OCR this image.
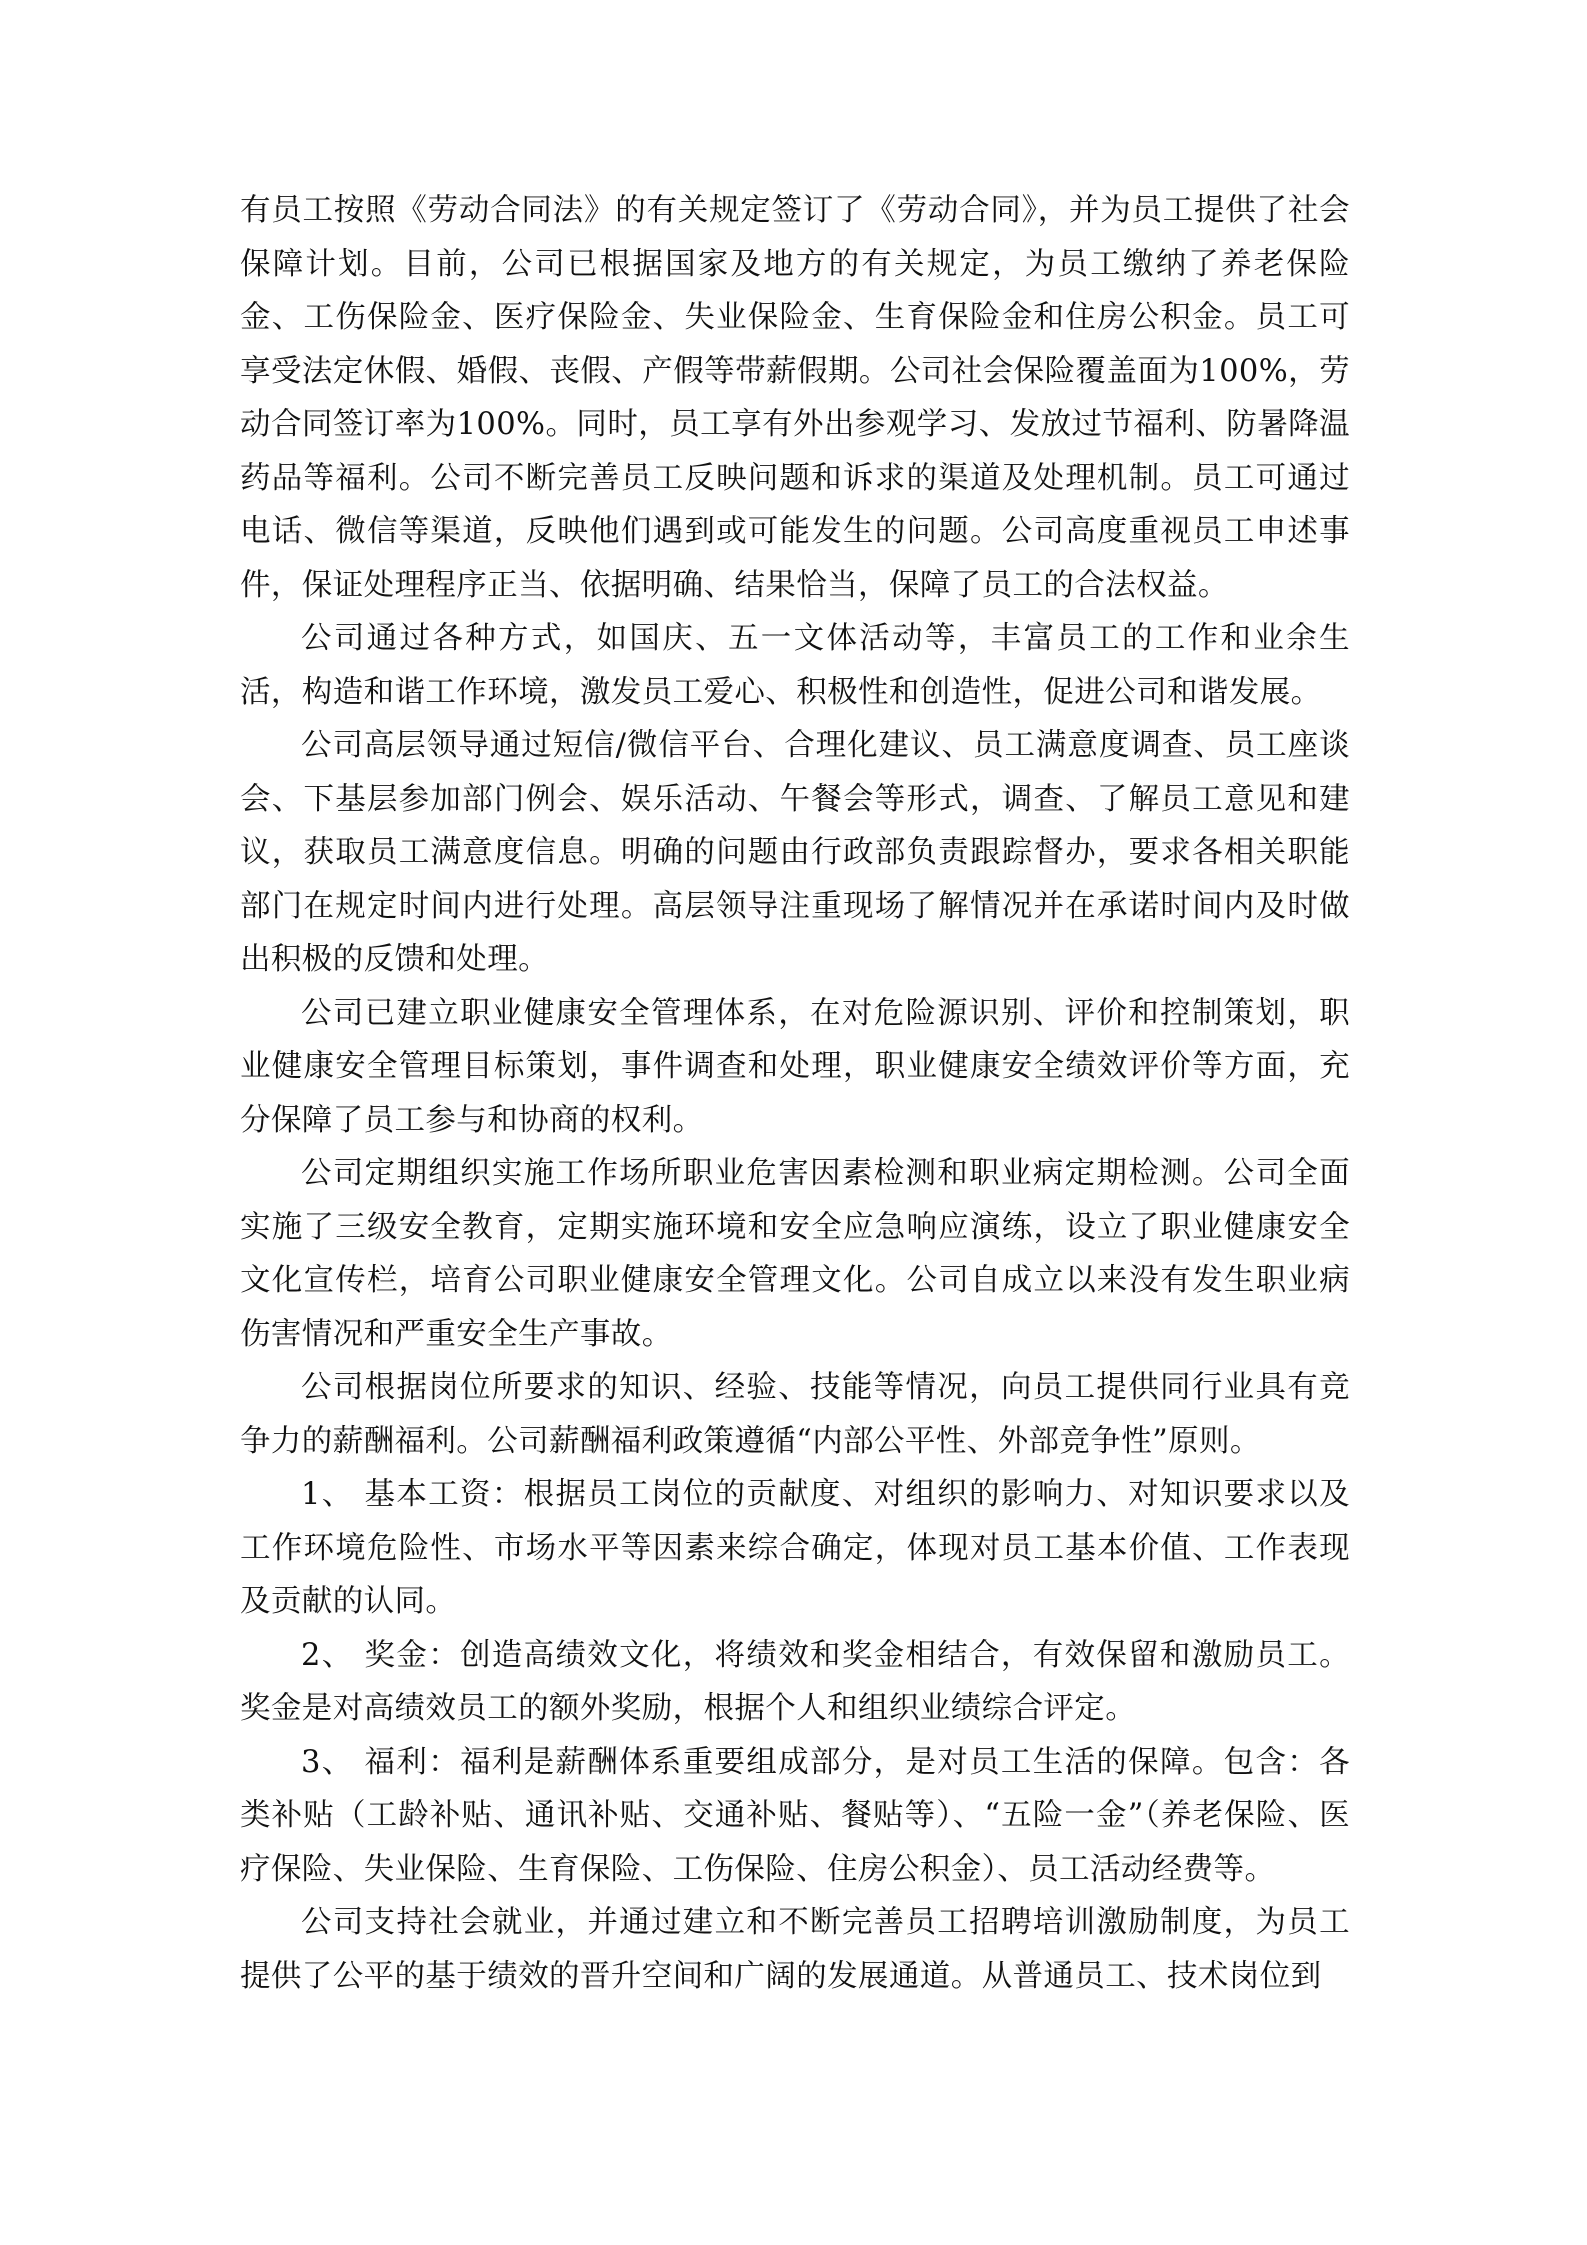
有员工按照《劳动合同法》的有关规定签订了《劳动合同》，并为员工提供了社会保障计划。目前，公司已根据国家及地方的有关规定，为员工缴纳了养老保险金、工伤保险金、医疗保险金、失业保险金、生育保险金和住房公积金。员工可享受法定休假、婚假、丧假、产假等带薪假期。公司社会保险覆盖面为100%，劳动合同签订率为100%。同时，员工享有外出参观学习、发放过节福利、防暑降温药品等福利。公司不断完善员工反映问题和诉求的渠道及处理机制。员工可通过电话、微信等渠道，反映他们遇到或可能发生的问题。公司高度重视员工申述事件，保证处理程序正当、依据明确、结果恰当，保障了员工的合法权益。

公司通过各种方式，如国庆、五一文体活动等，丰富员工的工作和业余生活，构造和谐工作环境，激发员工爱心、积极性和创造性，促进公司和谐发展。

公司高层领导通过短信/微信平台、合理化建议、员工满意度调查、员工座谈会、下基层参加部门例会、娱乐活动、午餐会等形式，调查、了解员工意见和建议，获取员工满意度信息。明确的问题由行政部负责跟踪督办，要求各相关职能部门在规定时间内进行处理。高层领导注重现场了解情况并在承诺时间内及时做出积极的反馈和处理。

公司已建立职业健康安全管理体系，在对危险源识别、评价和控制策划，职业健康安全管理目标策划，事件调查和处理，职业健康安全绩效评价等方面，充分保障了员工参与和协商的权利。

公司定期组织实施工作场所职业危害因素检测和职业病定期检测。公司全面实施了三级安全教育，定期实施环境和安全应急响应演练，设立了职业健康安全文化宣传栏，培育公司职业健康安全管理文化。公司自成立以来没有发生职业病伤害情况和严重安全生产事故。

公司根据岗位所要求的知识、经验、技能等情况，向员工提供同行业具有竞争力的薪酬福利。公司薪酬福利政策遵循“内部公平性、外部竞争性”原则。

1、 基本工资：根据员工岗位的贡献度、对组织的影响力、对知识要求以及工作环境危险性、市场水平等因素来综合确定，体现对员工基本价值、工作表现及贡献的认同。

2、 奖金：创造高绩效文化，将绩效和奖金相结合，有效保留和激励员工。奖金是对高绩效员工的额外奖励，根据个人和组织业绩综合评定。

3、 福利：福利是薪酬体系重要组成部分，是对员工生活的保障。包含：各类补贴（工龄补贴、通讯补贴、交通补贴、餐贴等）、“五险一金”（养老保险、医疗保险、失业保险、生育保险、工伤保险、住房公积金）、员工活动经费等。

公司支持社会就业，并通过建立和不断完善员工招聘培训激励制度，为员工提供了公平的基于绩效的晋升空间和广阔的发展通道。从普通员工、技术岗位到
